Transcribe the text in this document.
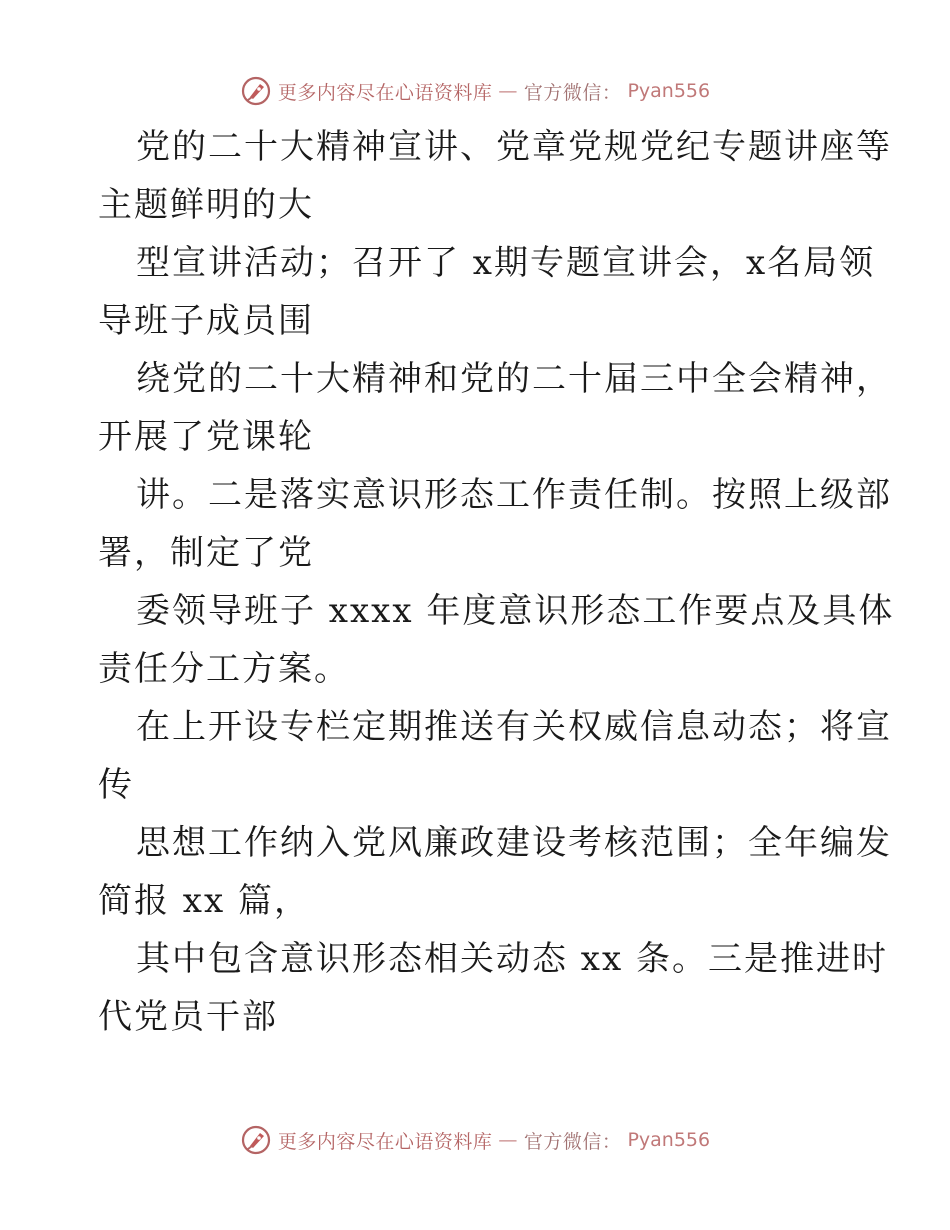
更多内容尽在心语资料库 — 官方微信： Pyan556
党的二十大精神宣讲、党章党规党纪专题讲座等
主题鲜明的大
型宣讲活动；召开了 x期专题宣讲会，x名局领
导班子成员围
绕党的二十大精神和党的二十届三中全会精神，
开展了党课轮
讲。二是落实意识形态工作责任制。按照上级部
署，制定了党
委领导班子 xxxx 年度意识形态工作要点及具体
责任分工方案。
在上开设专栏定期推送有关权威信息动态；将宣
传
思想工作纳入党风廉政建设考核范围；全年编发
简报 xx 篇，
其中包含意识形态相关动态 xx 条。三是推进时
代党员干部
更多内容尽在心语资料库 — 官方微信： Pyan556
